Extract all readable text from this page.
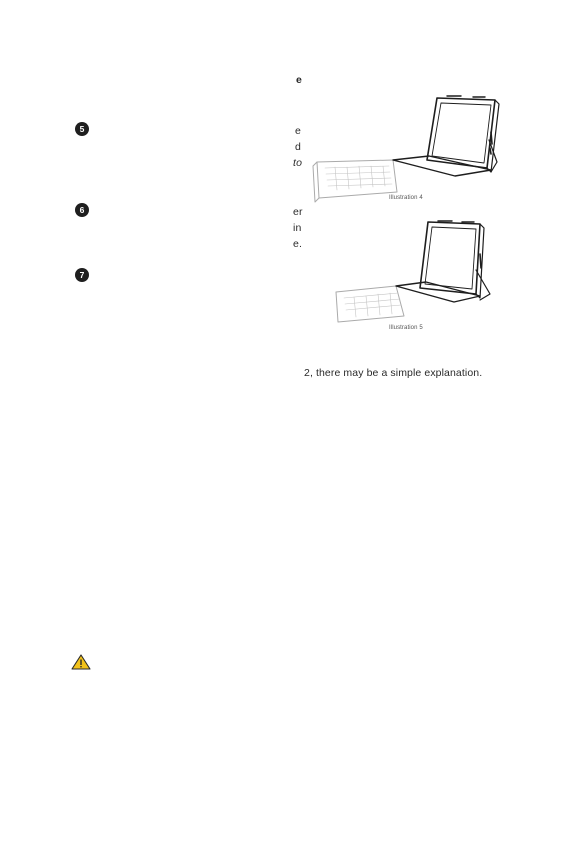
e
5	e
d
to
6	er
in
e.
7
Illustration 4
Illustration 5
2, there may be a simple explanation.
